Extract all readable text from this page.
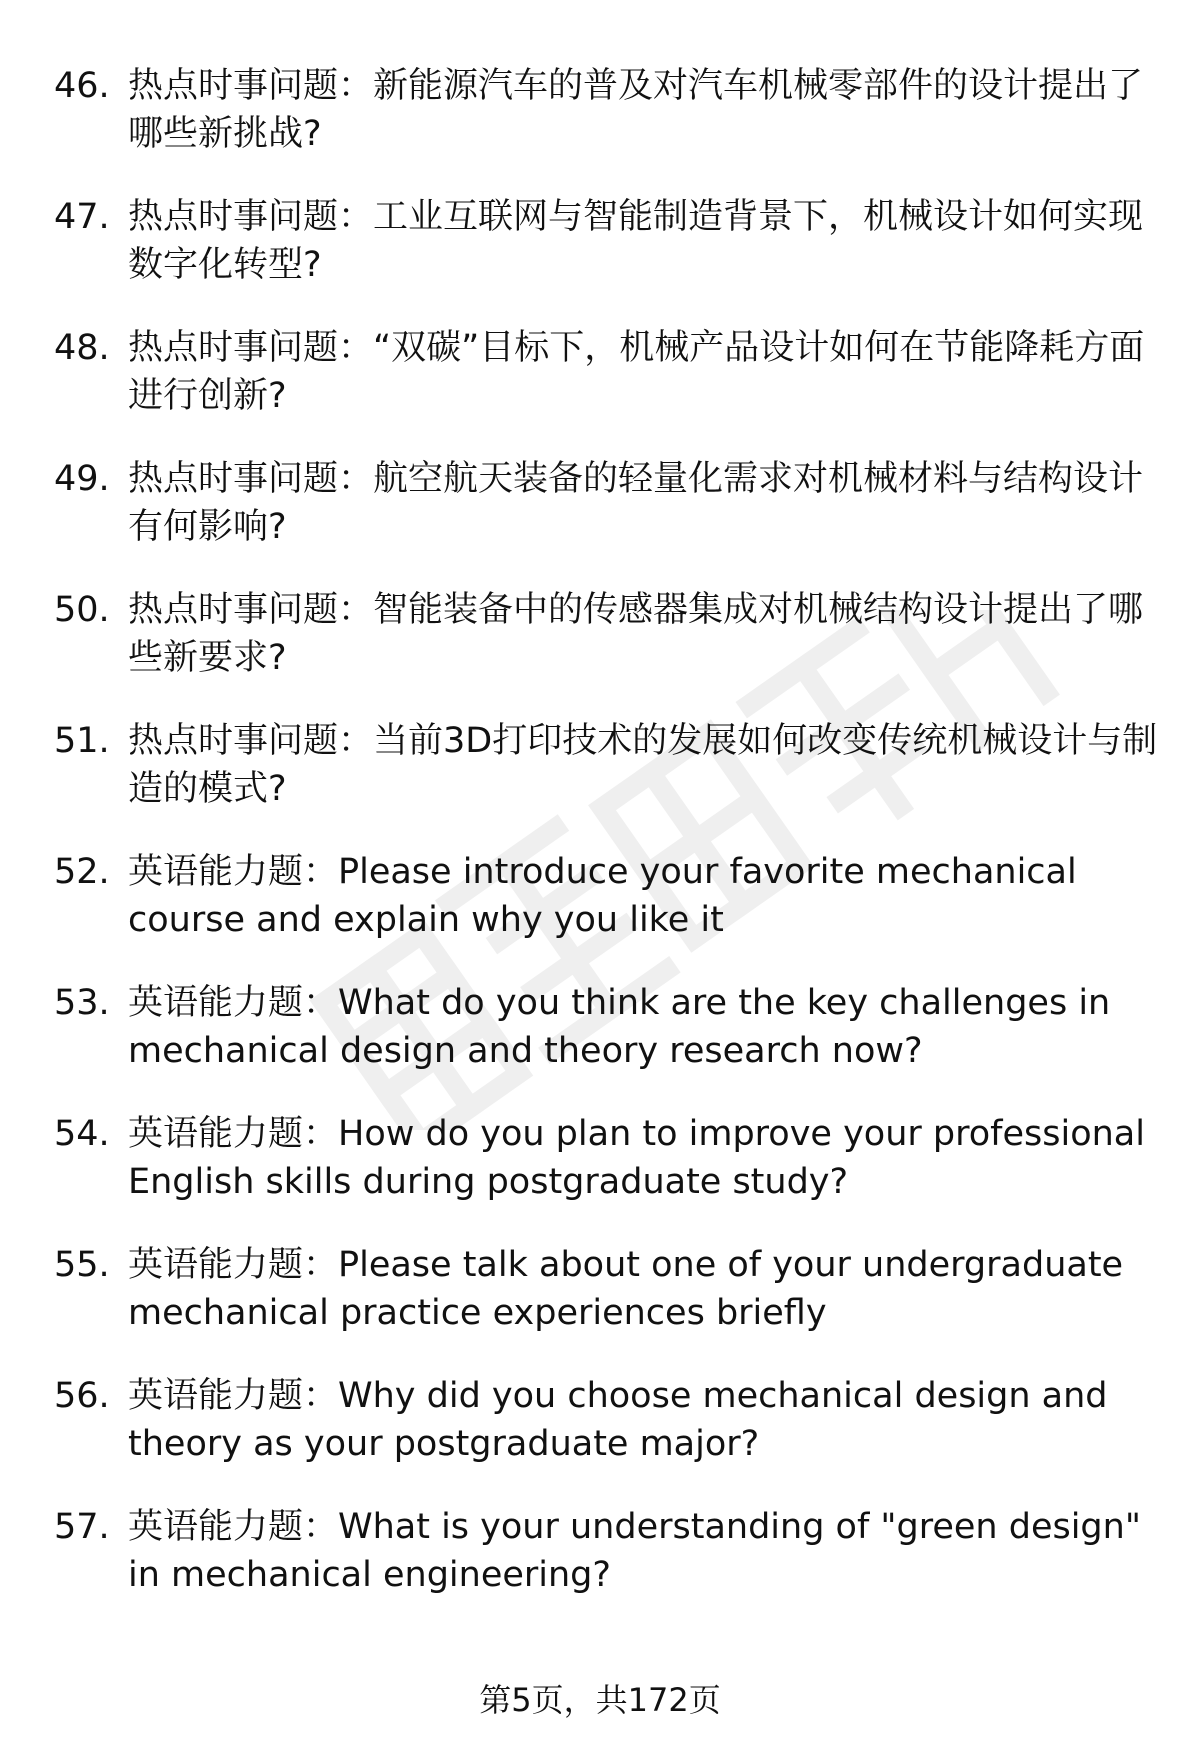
46. 热点时事问题：新能源汽车的普及对汽车机械零部件的设计提出了哪些新挑战?
47. 热点时事问题：工业互联网与智能制造背景下，机械设计如何实现数字化转型?
48. 热点时事问题：“双碳”目标下，机械产品设计如何在节能降耗方面进行创新?
49. 热点时事问题：航空航天装备的轻量化需求对机械材料与结构设计有何影响?
50. 热点时事问题：智能装备中的传感器集成对机械结构设计提出了哪些新要求?
51. 热点时事问题：当前3D打印技术的发展如何改变传统机械设计与制造的模式?
52. 英语能力题：Please introduce your favorite mechanical course and explain why you like it
53. 英语能力题：What do you think are the key challenges in mechanical design and theory research now?
54. 英语能力题：How do you plan to improve your professional English skills during postgraduate study?
55. 英语能力题：Please talk about one of your undergraduate mechanical practice experiences briefly
56. 英语能力题：Why did you choose mechanical design and theory as your postgraduate major?
57. 英语能力题：What is your understanding of "green design" in mechanical engineering?
第5页，共172页
